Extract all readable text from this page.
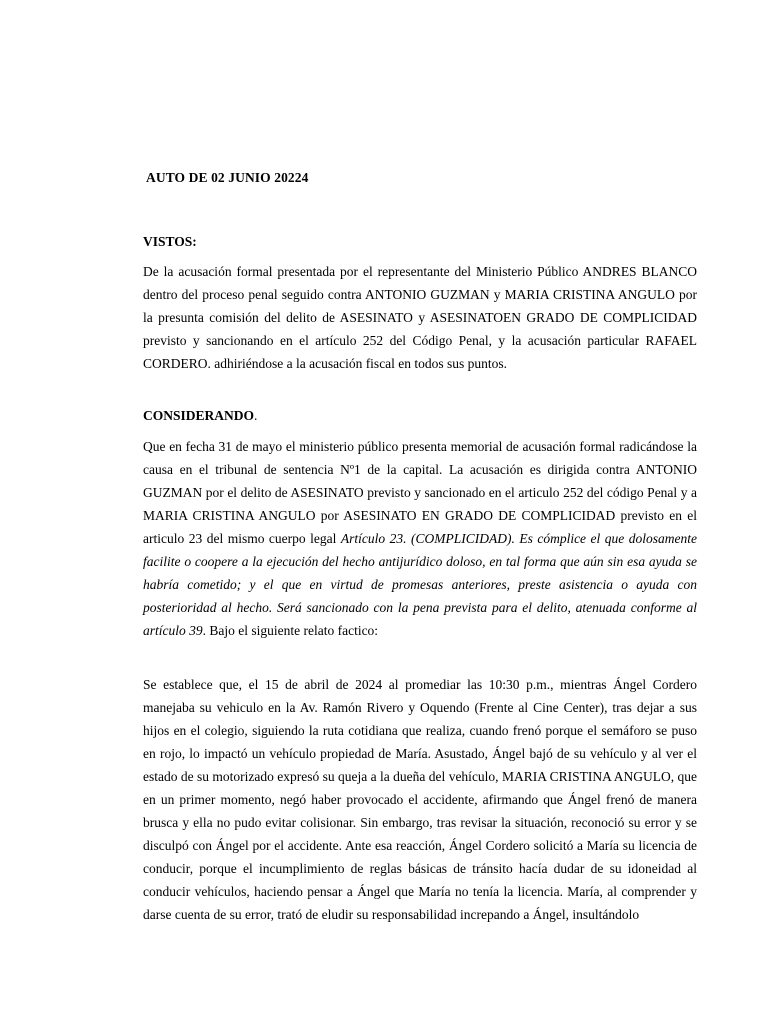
AUTO DE 02 JUNIO 20224
VISTOS:
De la acusación formal presentada por el representante del Ministerio Público ANDRES BLANCO dentro del proceso penal seguido contra ANTONIO GUZMAN y MARIA CRISTINA ANGULO por la presunta comisión del delito de ASESINATO y ASESINATOEN GRADO DE COMPLICIDAD previsto y sancionando en el artículo 252 del Código Penal, y la acusación particular RAFAEL CORDERO. adhiriéndose a la acusación fiscal en todos sus puntos.
CONSIDERANDO.
Que en fecha 31 de mayo el ministerio público presenta memorial de acusación formal radicándose la causa en el tribunal de sentencia Nº1 de la capital. La acusación es dirigida contra ANTONIO GUZMAN por el delito de ASESINATO previsto y sancionado en el articulo 252 del código Penal y a MARIA CRISTINA ANGULO por ASESINATO EN GRADO DE COMPLICIDAD previsto en el articulo 23 del mismo cuerpo legal Artículo 23. (COMPLICIDAD). Es cómplice el que dolosamente facilite o coopere a la ejecución del hecho antijurídico doloso, en tal forma que aún sin esa ayuda se habría cometido; y el que en virtud de promesas anteriores, preste asistencia o ayuda con posterioridad al hecho. Será sancionado con la pena prevista para el delito, atenuada conforme al artículo 39. Bajo el siguiente relato factico:
Se establece que, el 15 de abril de 2024 al promediar las 10:30 p.m., mientras Ángel Cordero manejaba su vehiculo en la Av. Ramón Rivero y Oquendo (Frente al Cine Center), tras dejar a sus hijos en el colegio, siguiendo la ruta cotidiana que realiza, cuando frenó porque el semáforo se puso en rojo, lo impactó un vehículo propiedad de María. Asustado, Ángel bajó de su vehículo y al ver el estado de su motorizado expresó su queja a la dueña del vehículo, MARIA CRISTINA ANGULO, que en un primer momento, negó haber provocado el accidente, afirmando que Ángel frenó de manera brusca y ella no pudo evitar colisionar. Sin embargo, tras revisar la situación, reconoció su error y se disculpó con Ángel por el accidente. Ante esa reacción, Ángel Cordero solicitó a María su licencia de conducir, porque el incumplimiento de reglas básicas de tránsito hacía dudar de su idoneidad al conducir vehículos, haciendo pensar a Ángel que María no tenía la licencia. María, al comprender y darse cuenta de su error, trató de eludir su responsabilidad increpando a Ángel, insultándolo
